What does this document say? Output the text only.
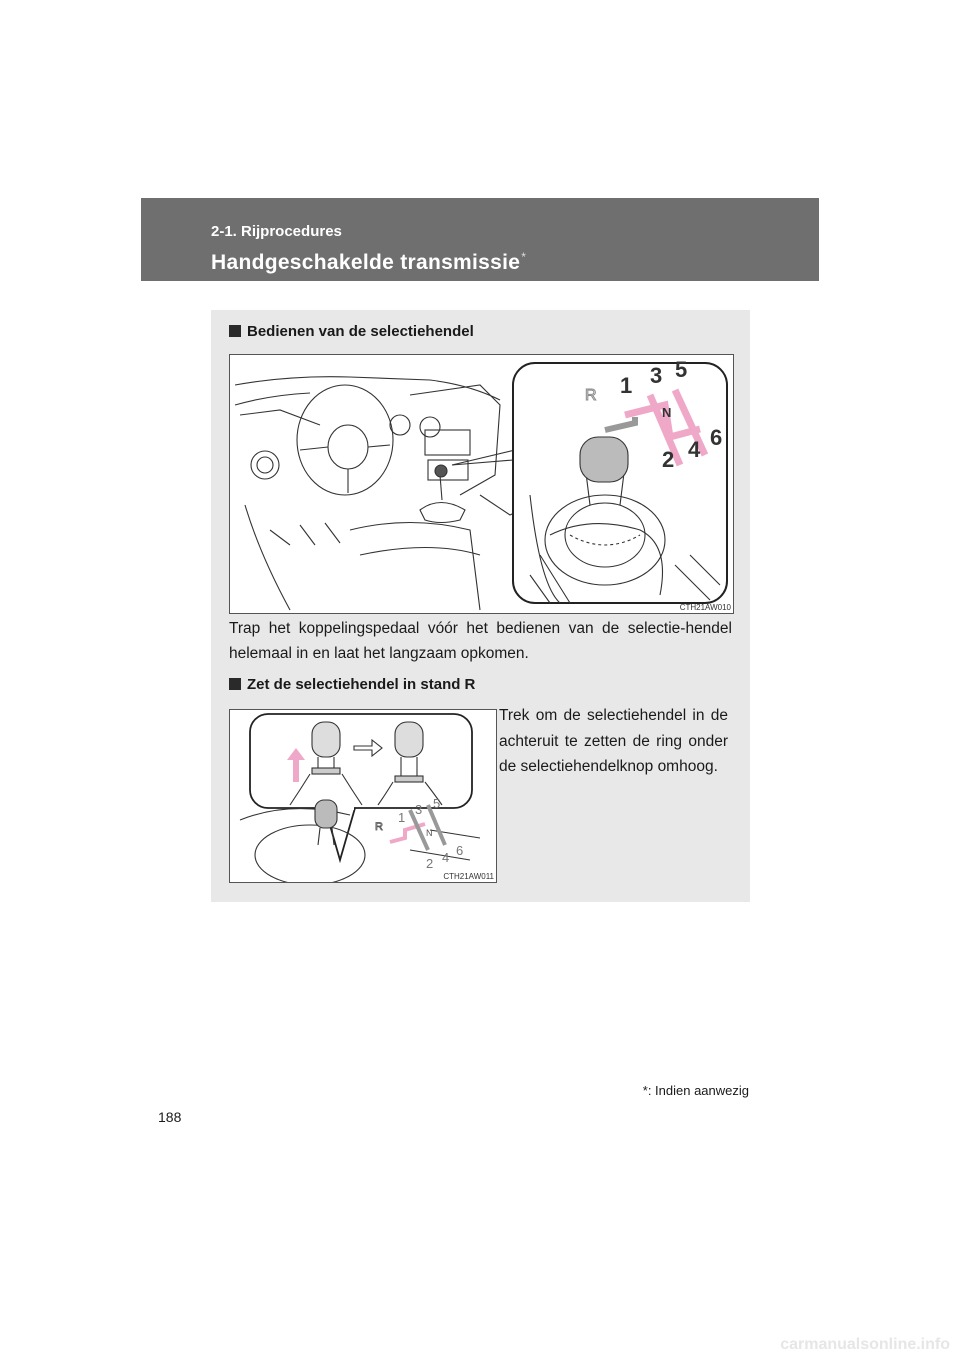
2-1. Rijprocedures
Handgeschakelde transmissie*
Bedienen van de selectiehendel
R 1 3 5
N
2 4 6
CTH21AW010
Trap het koppelingspedaal vóór het bedienen van de selectie-hendel helemaal in en laat het langzaam opkomen.
Zet de selectiehendel in stand R
R
1
3 5
N
2 4 6
CTH21AW011
Trek om de selectiehendel in de achteruit te zetten de ring onder de selectiehendelknop omhoog.
*: Indien aanwezig
188
carmanualsonline.info
